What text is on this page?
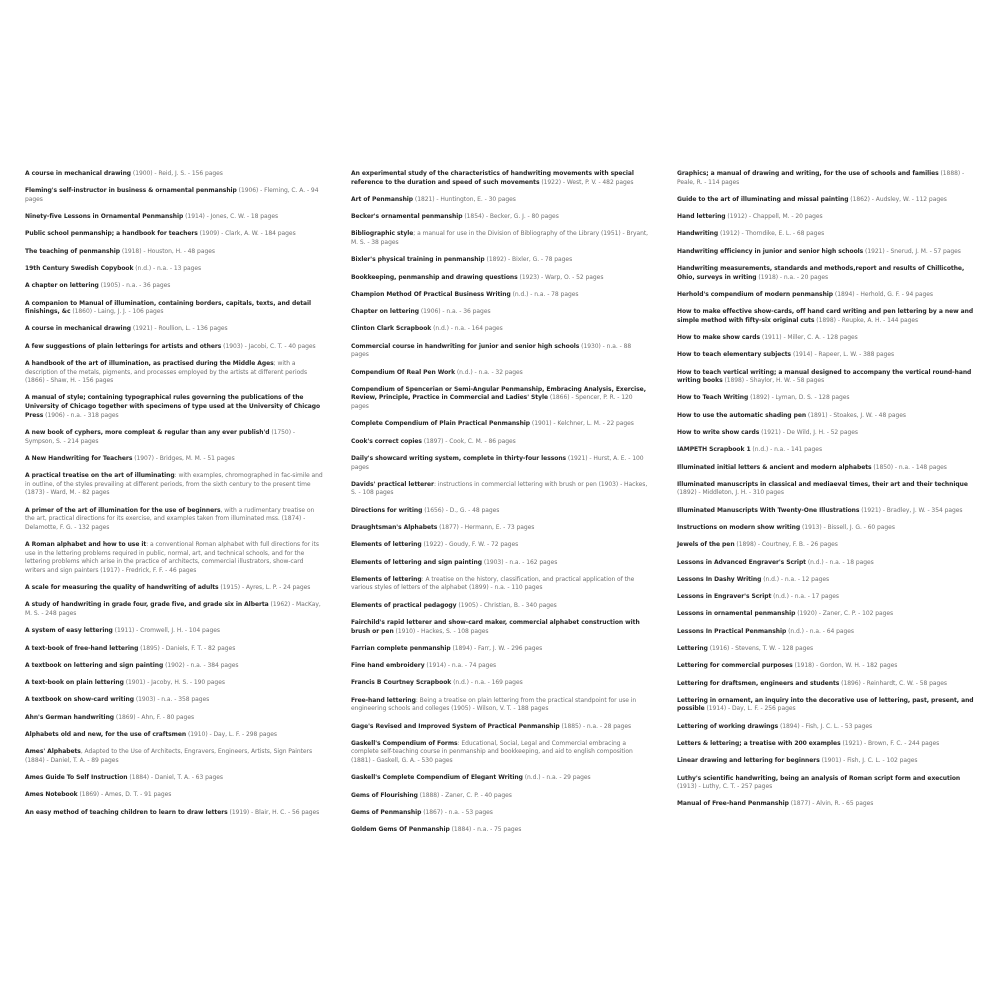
A course in mechanical drawing (1900) - Reid, J. S. - 156 pages
Fleming's self-instructor in business & ornamental penmanship (1906) - Fleming, C. A. - 94 pages
Ninety-five Lessons in Ornamental Penmanship (1914) - Jones, C. W. - 18 pages
Public school penmanship; a handbook for teachers (1909) - Clark, A. W. - 184 pages
The teaching of penmanship (1918) - Houston, H. - 48 pages
19th Century Swedish Copybook (n.d.) - n.a. - 13 pages
A chapter on lettering (1905) - n.a. - 36 pages
A companion to Manual of illumination, containing borders, capitals, texts, and detail finishings, &c (1860) - Laing, J. J. - 106 pages
A course in mechanical drawing (1921) - Roullion, L. - 136 pages
A few suggestions of plain letterings for artists and others (1903) - Jacobi, C. T. - 40 pages
A handbook of the art of illumination, as practised during the Middle Ages; with a description of the metals, pigments, and processes employed by the artists at different periods (1866) - Shaw, H. - 156 pages
A manual of style; containing typographical rules governing the publications of the University of Chicago together with specimens of type used at the University of Chicago Press (1906) - n.a. - 318 pages
A new book of cyphers, more compleat & regular than any ever publish'd (1750) - Sympson, S. - 214 pages
A New Handwriting for Teachers (1907) - Bridges, M. M. - 51 pages
A practical treatise on the art of illuminating: with examples, chromographed in fac-simile and in outline, of the styles prevailing at different periods, from the sixth century to the present time (1873) - Ward, M. - 82 pages
A primer of the art of illumination for the use of beginners, with a rudimentary treatise on the art, practical directions for its exercise, and examples taken from illuminated mss. (1874) - Delamotte, F. G. - 132 pages
A Roman alphabet and how to use it: a conventional Roman alphabet with full directions for its use in the lettering problems required in public, normal, art, and technical schools, and for the lettering problems which arise in the practice of architects, commercial illustrators, show-card writers and sign painters (1917) - Fredrick, F. F. - 46 pages
A scale for measuring the quality of handwriting of adults (1915) - Ayres, L. P. - 24 pages
A study of handwriting in grade four, grade five, and grade six in Alberta (1962) - MacKay, M. S. - 248 pages
A system of easy lettering (1911) - Cromwell, J. H. - 104 pages
A text-book of free-hand lettering (1895) - Daniels, F. T. - 82 pages
A textbook on lettering and sign painting (1902) - n.a. - 384 pages
A text-book on plain lettering (1901) - Jacoby, H. S. - 190 pages
A textbook on show-card writing (1903) - n.a. - 358 pages
Ahn's German handwriting (1869) - Ahn, F. - 80 pages
Alphabets old and new, for the use of craftsmen (1910) - Day, L. F. - 298 pages
Ames' Alphabets, Adapted to the Use of Architects, Engravers, Engineers, Artists, Sign Painters (1884) - Daniel, T. A. - 89 pages
Ames Guide To Self Instruction (1884) - Daniel, T. A. - 63 pages
Ames Notebook (1869) - Ames, D. T. - 91 pages
An easy method of teaching children to learn to draw letters (1919) - Blair, H. C. - 56 pages
An experimental study of the characteristics of handwriting movements with special reference to the duration and speed of such movements (1922) - West, P. V. - 482 pages
Art of Penmanship (1821) - Huntington, E. - 30 pages
Becker's ornamental penmanship (1854) - Becker, G. J. - 80 pages
Bibliographic style; a manual for use in the Division of Bibliography of the Library (1951) - Bryant, M. S. - 38 pages
Bixler's physical training in penmanship (1892) - Bixler, G. - 78 pages
Bookkeeping, penmanship and drawing questions (1923) - Warp, O. - 52 pages
Champion Method Of Practical Business Writing (n.d.) - n.a. - 78 pages
Chapter on lettering (1906) - n.a. - 36 pages
Clinton Clark Scrapbook (n.d.) - n.a. - 164 pages
Commercial course in handwriting for junior and senior high schools (1930) - n.a. - 88 pages
Compendium Of Real Pen Work (n.d.) - n.a. - 32 pages
Compendium of Spencerian or Semi-Angular Penmanship, Embracing Analysis, Exercise, Review, Principle, Practice in Commercial and Ladies' Style (1866) - Spencer, P. R. - 120 pages
Complete Compendium of Plain Practical Penmanship (1901) - Kelchner, L. M. - 22 pages
Cook's correct copies (1897) - Cook, C. M. - 86 pages
Daily's showcard writing system, complete in thirty-four lessons (1921) - Hurst, A. E. - 100 pages
Davids' practical letterer: instructions in commercial lettering with brush or pen (1903) - Hackes, S. - 108 pages
Directions for writing (1656) - D., G. - 48 pages
Draughtsman's Alphabets (1877) - Hermann, E. - 73 pages
Elements of lettering (1922) - Goudy, F. W. - 72 pages
Elements of lettering and sign painting (1903) - n.a. - 162 pages
Elements of lettering: A treatise on the history, classification, and practical application of the various styles of letters of the alphabet (1899) - n.a. - 110 pages
Elements of practical pedagogy (1905) - Christian, B. - 340 pages
Fairchild's rapid letterer and show-card maker, commercial alphabet construction with brush or pen (1910) - Hackes, S. - 108 pages
Farrian complete penmanship (1894) - Farr, J. W. - 296 pages
Fine hand embroidery (1914) - n.a. - 74 pages
Francis B Courtney Scrapbook (n.d.) - n.a. - 169 pages
Free-hand lettering: Being a treatise on plain lettering from the practical standpoint for use in engineering schools and colleges (1905) - Wilson, V. T. - 188 pages
Gage's Revised and Improved System of Practical Penmanship (1885) - n.a. - 28 pages
Gaskell's Compendium of Forms: Educational, Social, Legal and Commercial embracing a complete self-teaching course in penmanship and bookkeeping, and aid to english composition (1881) - Gaskell, G. A. - 530 pages
Gaskell's Complete Compendium of Elegant Writing (n.d.) - n.a. - 29 pages
Gems of Flourishing (1888) - Zaner, C. P. - 40 pages
Gems of Penmanship (1867) - n.a. - 53 pages
Goldem Gems Of Penmanship (1884) - n.a. - 75 pages
Graphics; a manual of drawing and writing, for the use of schools and families (1888) - Peale, R. - 114 pages
Guide to the art of illuminating and missal painting (1862) - Audsley, W. - 112 pages
Hand lettering (1912) - Chappell, M. - 20 pages
Handwriting (1912) - Thorndike, E. L. - 68 pages
Handwriting efficiency in junior and senior high schools (1921) - Snerud, J. M. - 57 pages
Handwriting measurements, standards and methods,report and results of Chillicothe, Ohio, surveys in writing (1918) - n.a. - 20 pages
Herhold's compendium of modern penmanship (1894) - Herhold, G. F. - 94 pages
How to make effective show-cards, off hand card writing and pen lettering by a new and simple method with fifty-six original cuts (1898) - Reupke, A. H. - 144 pages
How to make show cards (1911) - Miller, C. A. - 128 pages
How to teach elementary subjects (1914) - Rapeer, L. W. - 388 pages
How to teach vertical writing; a manual designed to accompany the vertical round-hand writing books (1898) - Shaylor, H. W. - 58 pages
How to Teach Writing (1892) - Lyman, D. S. - 128 pages
How to use the automatic shading pen (1891) - Stoakes, J. W. - 48 pages
How to write show cards (1921) - De Wild, J. H. - 52 pages
IAMPETH Scrapbook 1 (n.d.) - n.a. - 141 pages
Illuminated initial letters & ancient and modern alphabets (1850) - n.a. - 148 pages
Illuminated manuscripts in classical and mediaeval times, their art and their technique (1892) - Middleton, J. H. - 310 pages
Illuminated Manuscripts With Twenty-One Illustrations (1921) - Bradley, J. W. - 354 pages
Instructions on modern show writing (1913) - Bissell, J. G. - 60 pages
Jewels of the pen (1898) - Courtney, F. B. - 26 pages
Lessons in Advanced Engraver's Script (n.d.) - n.a. - 18 pages
Lessons In Dashy Writing (n.d.) - n.a. - 12 pages
Lessons in Engraver's Script (n.d.) - n.a. - 17 pages
Lessons in ornamental penmanship (1920) - Zaner, C. P. - 102 pages
Lessons In Practical Penmanship (n.d.) - n.a. - 64 pages
Lettering (1916) - Stevens, T. W. - 128 pages
Lettering for commercial purposes (1918) - Gordon, W. H. - 182 pages
Lettering for draftsmen, engineers and students (1896) - Reinhardt, C. W. - 58 pages
Lettering in ornament, an inquiry into the decorative use of lettering, past, present, and possible (1914) - Day, L. F. - 256 pages
Lettering of working drawings (1894) - Fish, J. C. L. - 53 pages
Letters & lettering; a treatise with 200 examples (1921) - Brown, F. C. - 244 pages
Linear drawing and lettering for beginners (1901) - Fish, J. C. L. - 102 pages
Luthy's scientific handwriting, being an analysis of Roman script form and execution (1913) - Luthy, C. T. - 257 pages
Manual of Free-hand Penmanship (1877) - Alvin, R. - 65 pages
